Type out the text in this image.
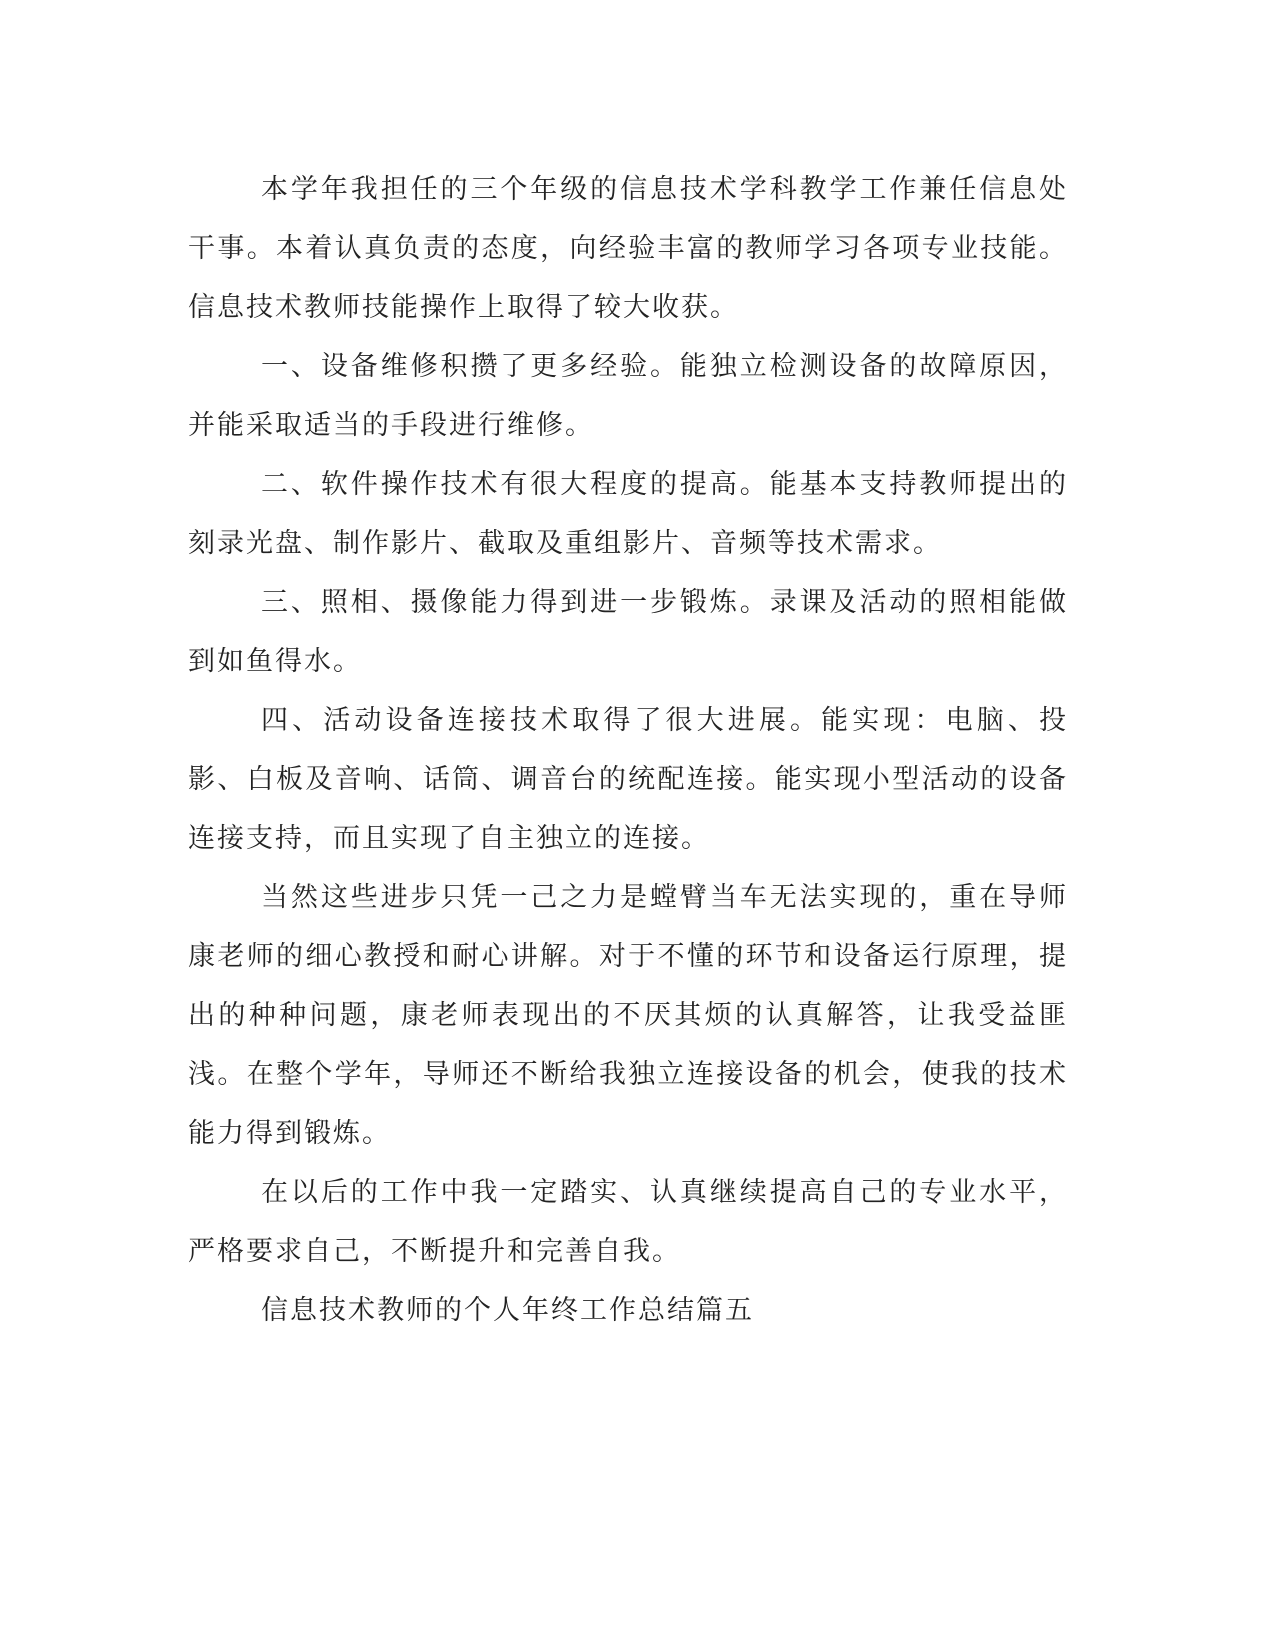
本学年我担任的三个年级的信息技术学科教学工作兼任信息处干事。本着认真负责的态度，向经验丰富的教师学习各项专业技能。信息技术教师技能操作上取得了较大收获。

一、设备维修积攒了更多经验。能独立检测设备的故障原因，并能采取适当的手段进行维修。

二、软件操作技术有很大程度的提高。能基本支持教师提出的刻录光盘、制作影片、截取及重组影片、音频等技术需求。

三、照相、摄像能力得到进一步锻炼。录课及活动的照相能做到如鱼得水。

四、活动设备连接技术取得了很大进展。能实现：电脑、投影、白板及音响、话筒、调音台的统配连接。能实现小型活动的设备连接支持，而且实现了自主独立的连接。

当然这些进步只凭一己之力是螳臂当车无法实现的，重在导师康老师的细心教授和耐心讲解。对于不懂的环节和设备运行原理，提出的种种问题，康老师表现出的不厌其烦的认真解答，让我受益匪浅。在整个学年，导师还不断给我独立连接设备的机会，使我的技术能力得到锻炼。

在以后的工作中我一定踏实、认真继续提高自己的专业水平，严格要求自己，不断提升和完善自我。

信息技术教师的个人年终工作总结篇五
